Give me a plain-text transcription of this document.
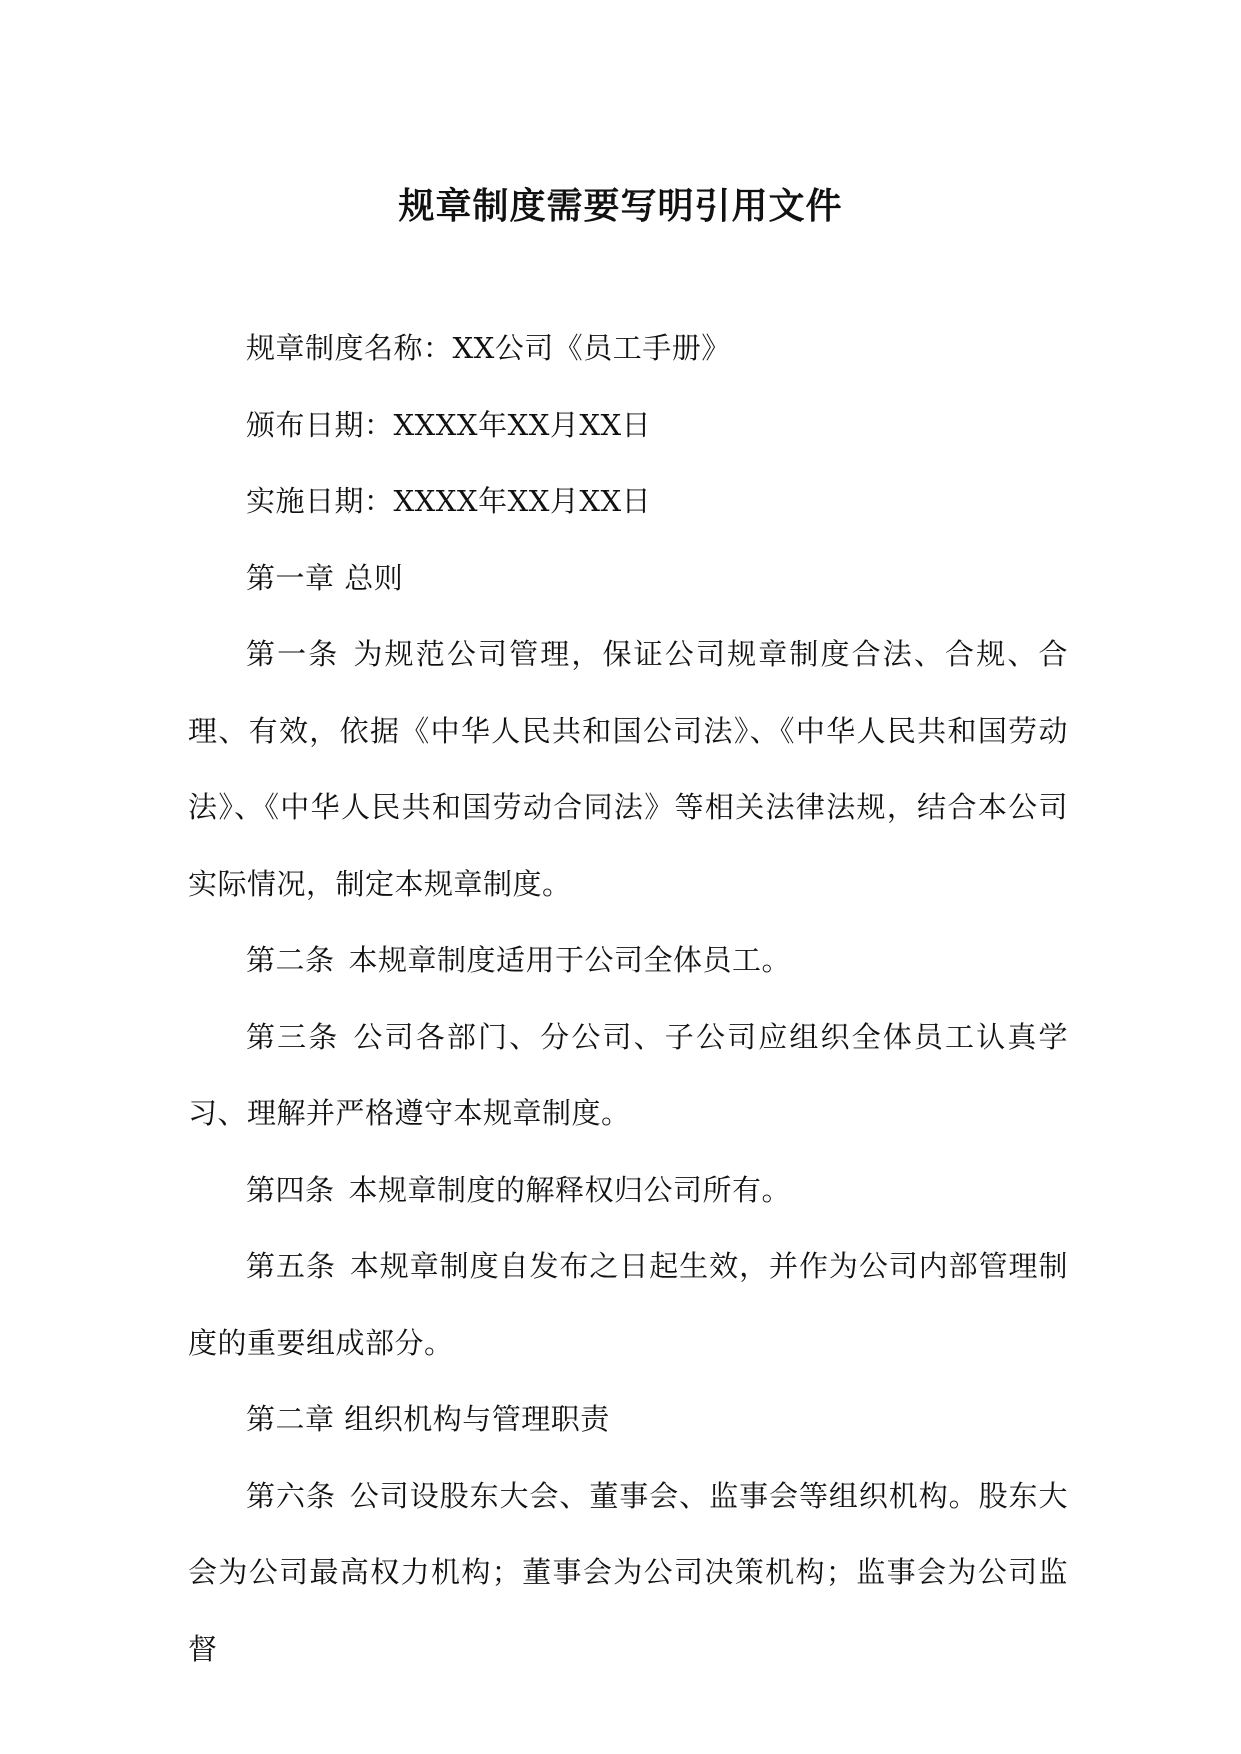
规章制度需要写明引用文件

规章制度名称：XX公司《员工手册》

颁布日期：XXXX年XX月XX日

实施日期：XXXX年XX月XX日

第一章 总则

第一条 为规范公司管理，保证公司规章制度合法、合规、合理、有效，依据《中华人民共和国公司法》、《中华人民共和国劳动法》、《中华人民共和国劳动合同法》等相关法律法规，结合本公司实际情况，制定本规章制度。

第二条 本规章制度适用于公司全体员工。

第三条 公司各部门、分公司、子公司应组织全体员工认真学习、理解并严格遵守本规章制度。

第四条 本规章制度的解释权归公司所有。

第五条 本规章制度自发布之日起生效，并作为公司内部管理制度的重要组成部分。

第二章 组织机构与管理职责

第六条 公司设股东大会、董事会、监事会等组织机构。股东大会为公司最高权力机构；董事会为公司决策机构；监事会为公司监督
